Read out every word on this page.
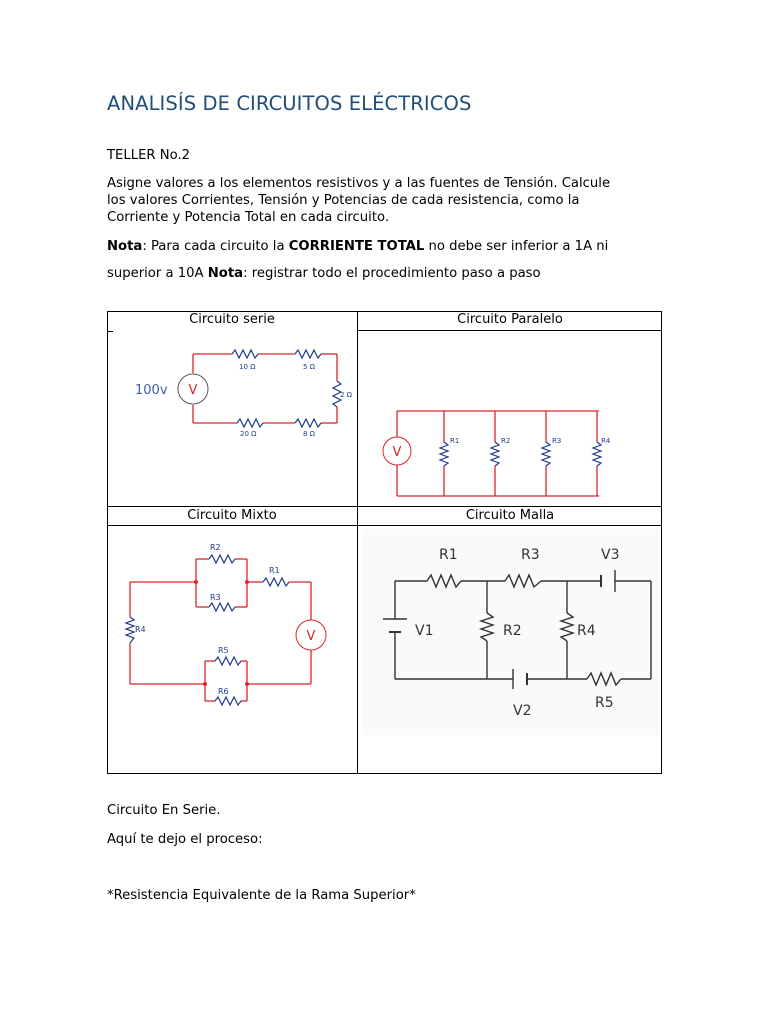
ANALISÍS DE CIRCUITOS ELÉCTRICOS
TELLER No.2
Asigne valores a los elementos resistivos y a las fuentes de Tensión. Calcule
los valores Corrientes, Tensión y Potencias de cada resistencia, como la
Corriente y Potencia Total en cada circuito.
Nota: Para cada circuito la CORRIENTE TOTAL no debe ser inferior a 1A ni
superior a 10A Nota: registrar todo el procedimiento paso a paso
Circuito serie	Circuito Paralelo
Circuito Mixto	Circuito Malla
V
100v
10 Ω	5 Ω
2 Ω
20 Ω	8 Ω
V
R1	R2	R3	R4
V
R2
R1
R3
R4
R5
R6
R1	R3	V3
V1	R2	R4
V2	R5
Circuito En Serie.
Aquí te dejo el proceso:
*Resistencia Equivalente de la Rama Superior*
